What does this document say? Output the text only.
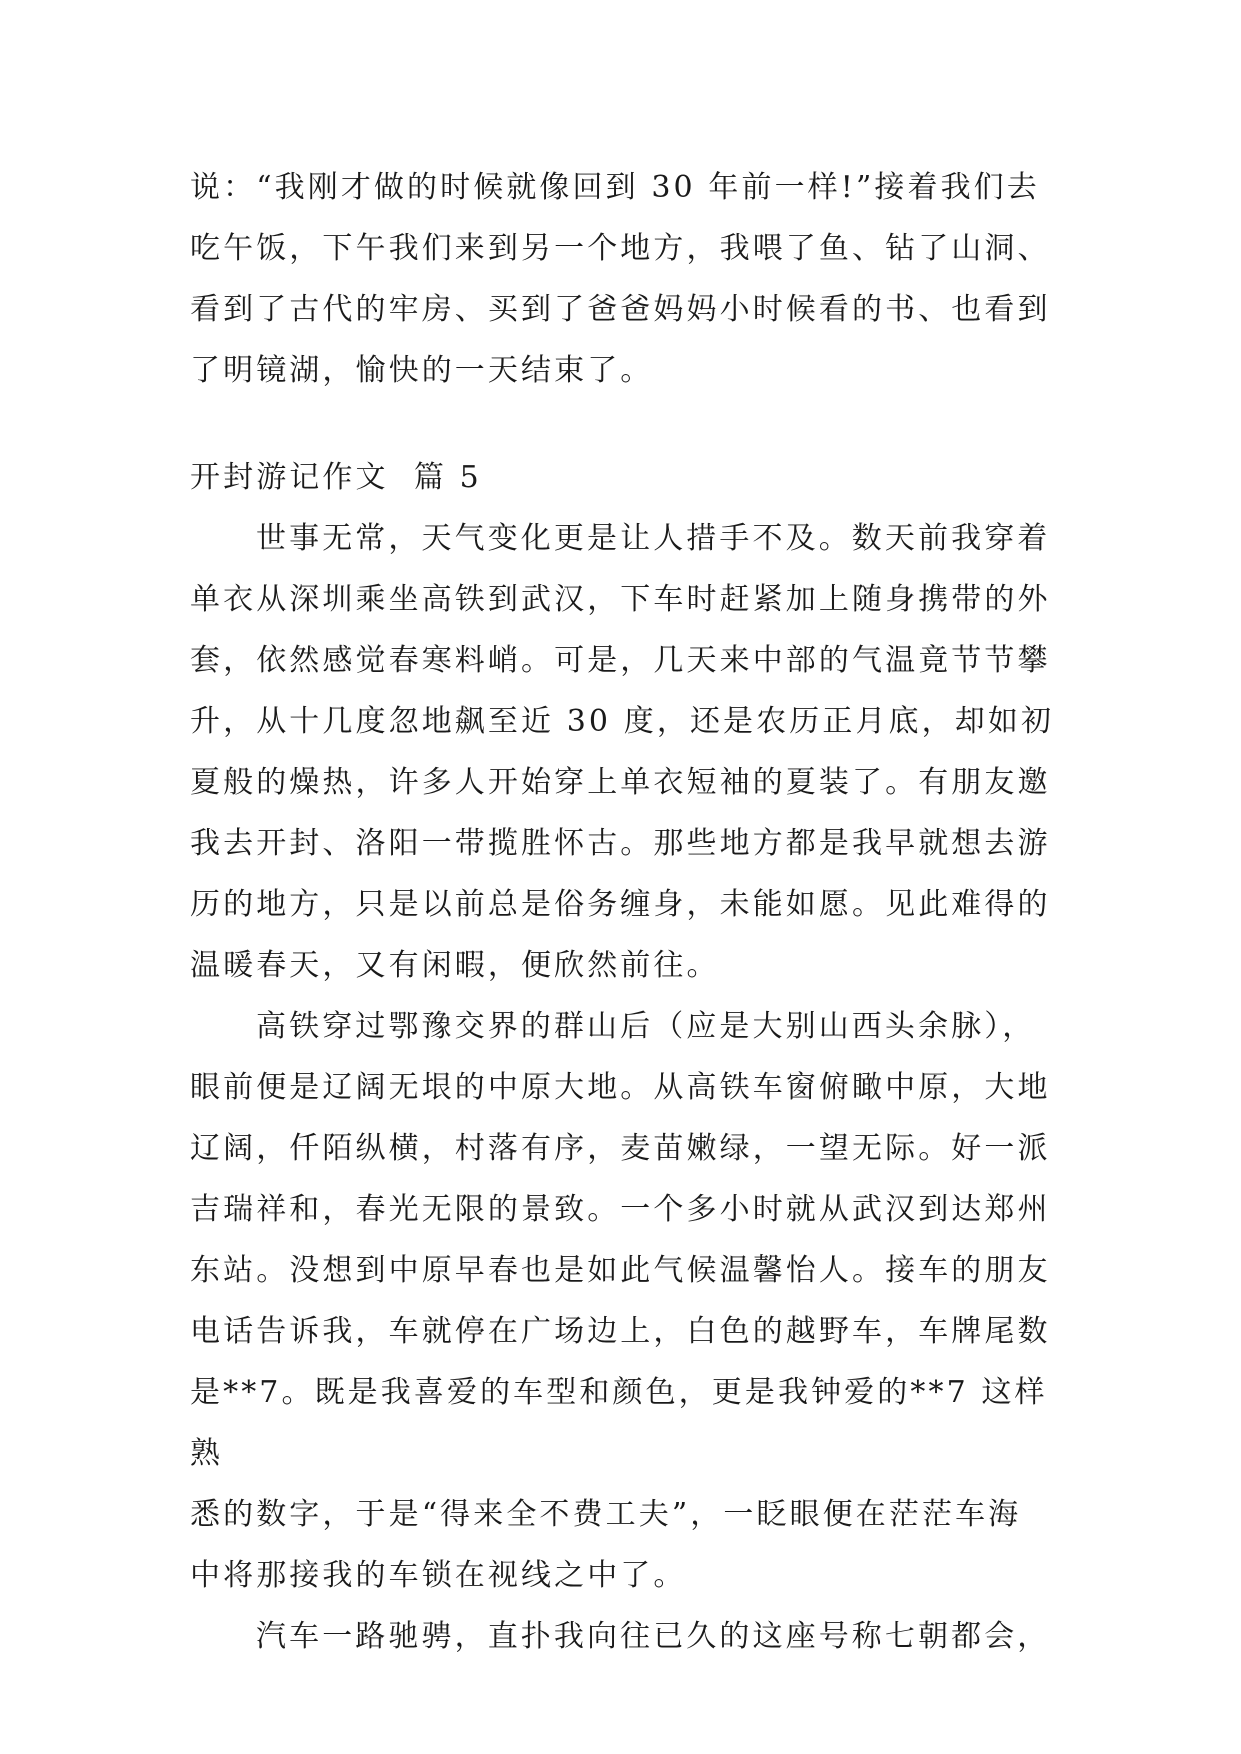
说：“我刚才做的时候就像回到 30 年前一样!”接着我们去

吃午饭，下午我们来到另一个地方，我喂了鱼、钻了山洞、

看到了古代的牢房、买到了爸爸妈妈小时候看的书、也看到

了明镜湖，愉快的一天结束了。

开封游记作文  篇 5

世事无常，天气变化更是让人措手不及。数天前我穿着

单衣从深圳乘坐高铁到武汉，下车时赶紧加上随身携带的外

套，依然感觉春寒料峭。可是，几天来中部的气温竟节节攀

升，从十几度忽地飙至近 30 度，还是农历正月底，却如初

夏般的燥热，许多人开始穿上单衣短袖的夏装了。有朋友邀

我去开封、洛阳一带揽胜怀古。那些地方都是我早就想去游

历的地方，只是以前总是俗务缠身，未能如愿。见此难得的

温暖春天，又有闲暇，便欣然前往。

高铁穿过鄂豫交界的群山后（应是大别山西头余脉），

眼前便是辽阔无垠的中原大地。从高铁车窗俯瞰中原，大地

辽阔，仟陌纵横，村落有序，麦苗嫩绿，一望无际。好一派

吉瑞祥和，春光无限的景致。一个多小时就从武汉到达郑州

东站。没想到中原早春也是如此气候温馨怡人。接车的朋友

电话告诉我，车就停在广场边上，白色的越野车，车牌尾数

是**7。既是我喜爱的车型和颜色，更是我钟爱的**7 这样熟

悉的数字，于是“得来全不费工夫”，一眨眼便在茫茫车海

中将那接我的车锁在视线之中了。

汽车一路驰骋，直扑我向往已久的这座号称七朝都会，
